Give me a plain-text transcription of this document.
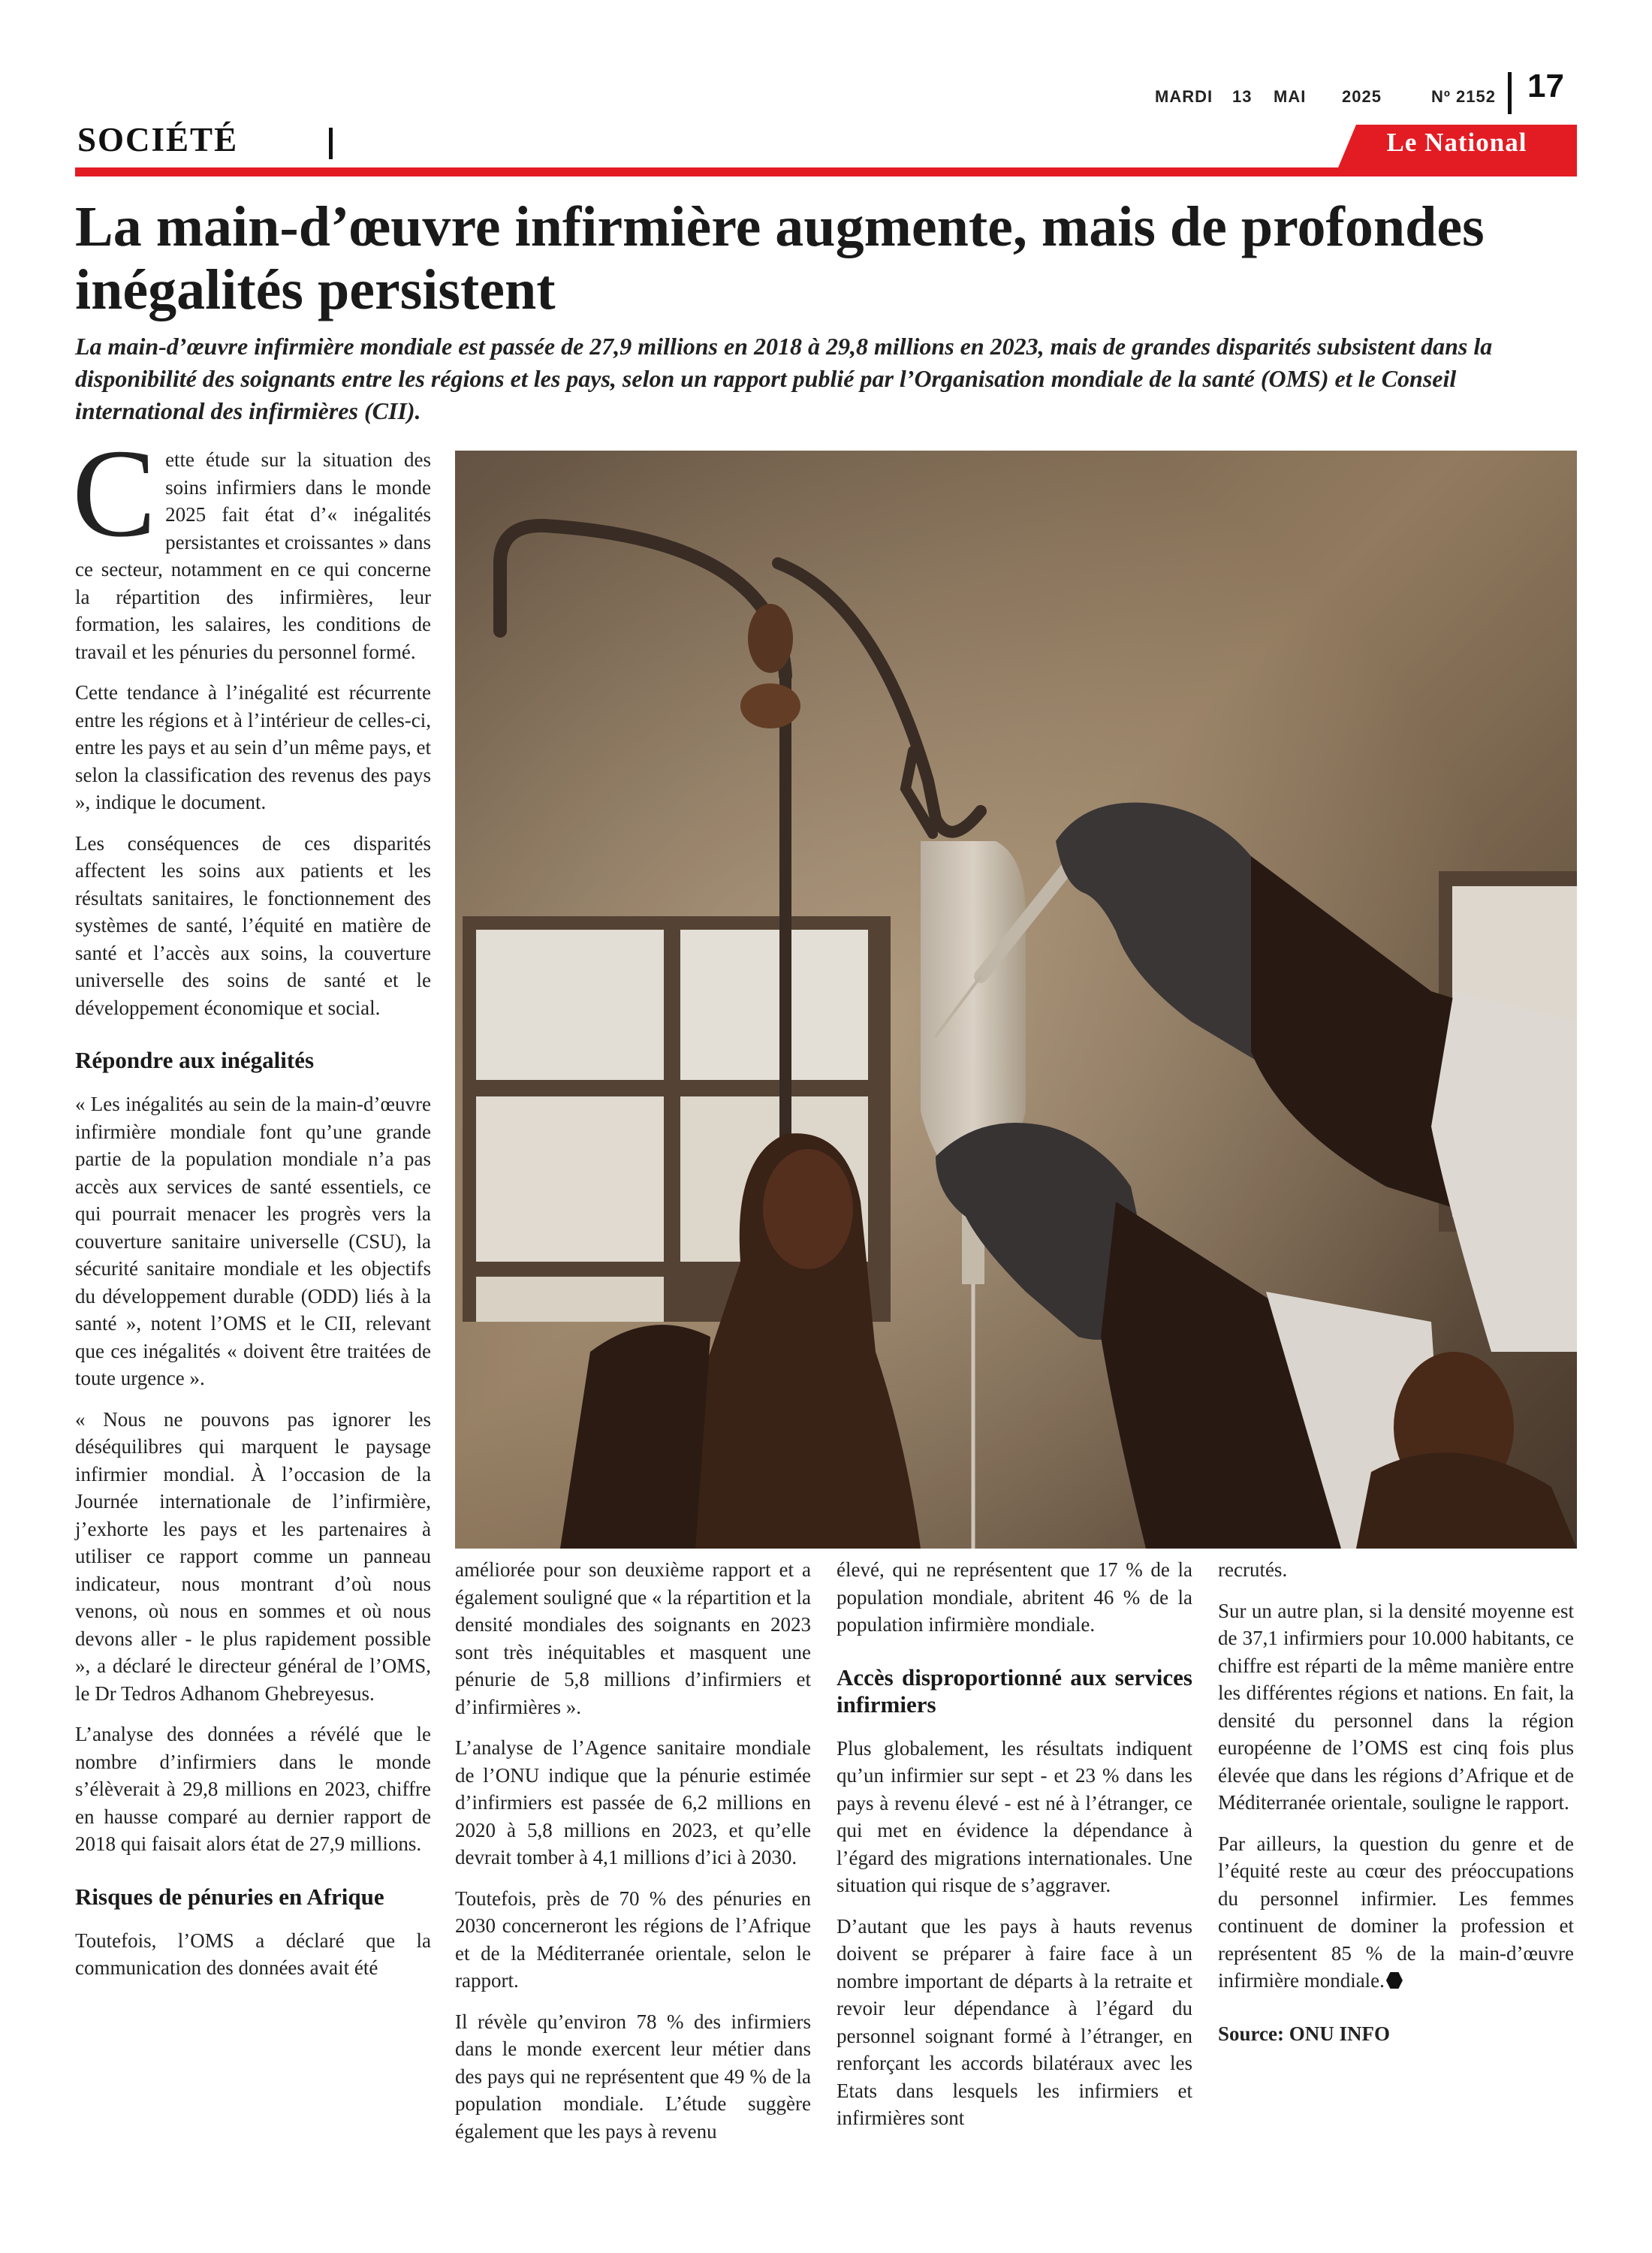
MARDI 13 MAI 2025	Nº 2152 17
SOCIÉTÉ	Le National
La main-d’œuvre infirmière augmente, mais de profondes
inégalités persistent
La main-d’œuvre infirmière mondiale est passée de 27,9 millions en 2018 à 29,8 millions en 2023, mais de grandes disparités subsistent dans la disponibilité des soignants entre les régions et les pays, selon un rapport publié par l’Organisation mondiale de la santé (OMS) et le Conseil international des infirmières (CII).

Cette étude sur la situation des soins infirmiers dans le monde 2025 fait état d’« inégalités persistantes et croissantes » dans ce secteur, notamment en ce qui concerne la répartition des infirmières, leur formation, les salaires, les conditions de travail et les pénuries du personnel formé.

Cette tendance à l’inégalité est récurrente entre les régions et à l’intérieur de celles-ci, entre les pays et au sein d’un même pays, et selon la classification des revenus des pays », indique le document.

Les conséquences de ces disparités affectent les soins aux patients et les résultats sanitaires, le fonctionnement des systèmes de santé, l’équité en matière de santé et l’accès aux soins, la couverture universelle des soins de santé et le développement économique et social.

Répondre aux inégalités

« Les inégalités au sein de la main-d’œuvre infirmière mondiale font qu’une grande partie de la population mondiale n’a pas accès aux services de santé essentiels, ce qui pourrait menacer les progrès vers la couverture sanitaire universelle (CSU), la sécurité sanitaire mondiale et les objectifs du développement durable (ODD) liés à la santé », notent l’OMS et le CII, relevant que ces inégalités « doivent être traitées de toute urgence ».

« Nous ne pouvons pas ignorer les déséquilibres qui marquent le paysage infirmier mondial. À l’occasion de la Journée internationale de l’infirmière, j’exhorte les pays et les partenaires à utiliser ce rapport comme un panneau indicateur, nous montrant d’où nous venons, où nous en sommes et où nous devons aller - le plus rapidement possible », a déclaré le directeur général de l’OMS, le Dr Tedros Adhanom Ghebreyesus.

L’analyse des données a révélé que le nombre d’infirmiers dans le monde s’élèverait à 29,8 millions en 2023, chiffre en hausse comparé au dernier rapport de 2018 qui faisait alors état de 27,9 millions.

Risques de pénuries en Afrique

Toutefois, l’OMS a déclaré que la communication des données avait été

améliorée pour son deuxième rapport et a également souligné que « la répartition et la densité mondiales des soignants en 2023 sont très inéquitables et masquent une pénurie de 5,8 millions d’infirmiers et d’infirmières ».

L’analyse de l’Agence sanitaire mondiale de l’ONU indique que la pénurie estimée d’infirmiers est passée de 6,2 millions en 2020 à 5,8 millions en 2023, et qu’elle devrait tomber à 4,1 millions d’ici à 2030.

Toutefois, près de 70 % des pénuries en 2030 concerneront les régions de l’Afrique et de la Méditerranée orientale, selon le rapport.

Il révèle qu’environ 78 % des infirmiers dans le monde exercent leur métier dans des pays qui ne représentent que 49 % de la population mondiale. L’étude suggère également que les pays à revenu

élevé, qui ne représentent que 17 % de la population mondiale, abritent 46 % de la population infirmière mondiale.

Accès disproportionné aux services infirmiers

Plus globalement, les résultats indiquent qu’un infirmier sur sept - et 23 % dans les pays à revenu élevé - est né à l’étranger, ce qui met en évidence la dépendance à l’égard des migrations internationales. Une situation qui risque de s’aggraver.

D’autant que les pays à hauts revenus doivent se préparer à faire face à un nombre important de départs à la retraite et revoir leur dépendance à l’égard du personnel soignant formé à l’étranger, en renforçant les accords bilatéraux avec les Etats dans lesquels les infirmiers et infirmières sont

recrutés.

Sur un autre plan, si la densité moyenne est de 37,1 infirmiers pour 10.000 habitants, ce chiffre est réparti de la même manière entre les différentes régions et nations. En fait, la densité du personnel dans la région européenne de l’OMS est cinq fois plus élevée que dans les régions d’Afrique et de Méditerranée orientale, souligne le rapport.

Par ailleurs, la question du genre et de l’équité reste au cœur des préoccupations du personnel infirmier. Les femmes continuent de dominer la profession et représentent 85 % de la main-d’œuvre infirmière mondiale.

Source: ONU INFO
